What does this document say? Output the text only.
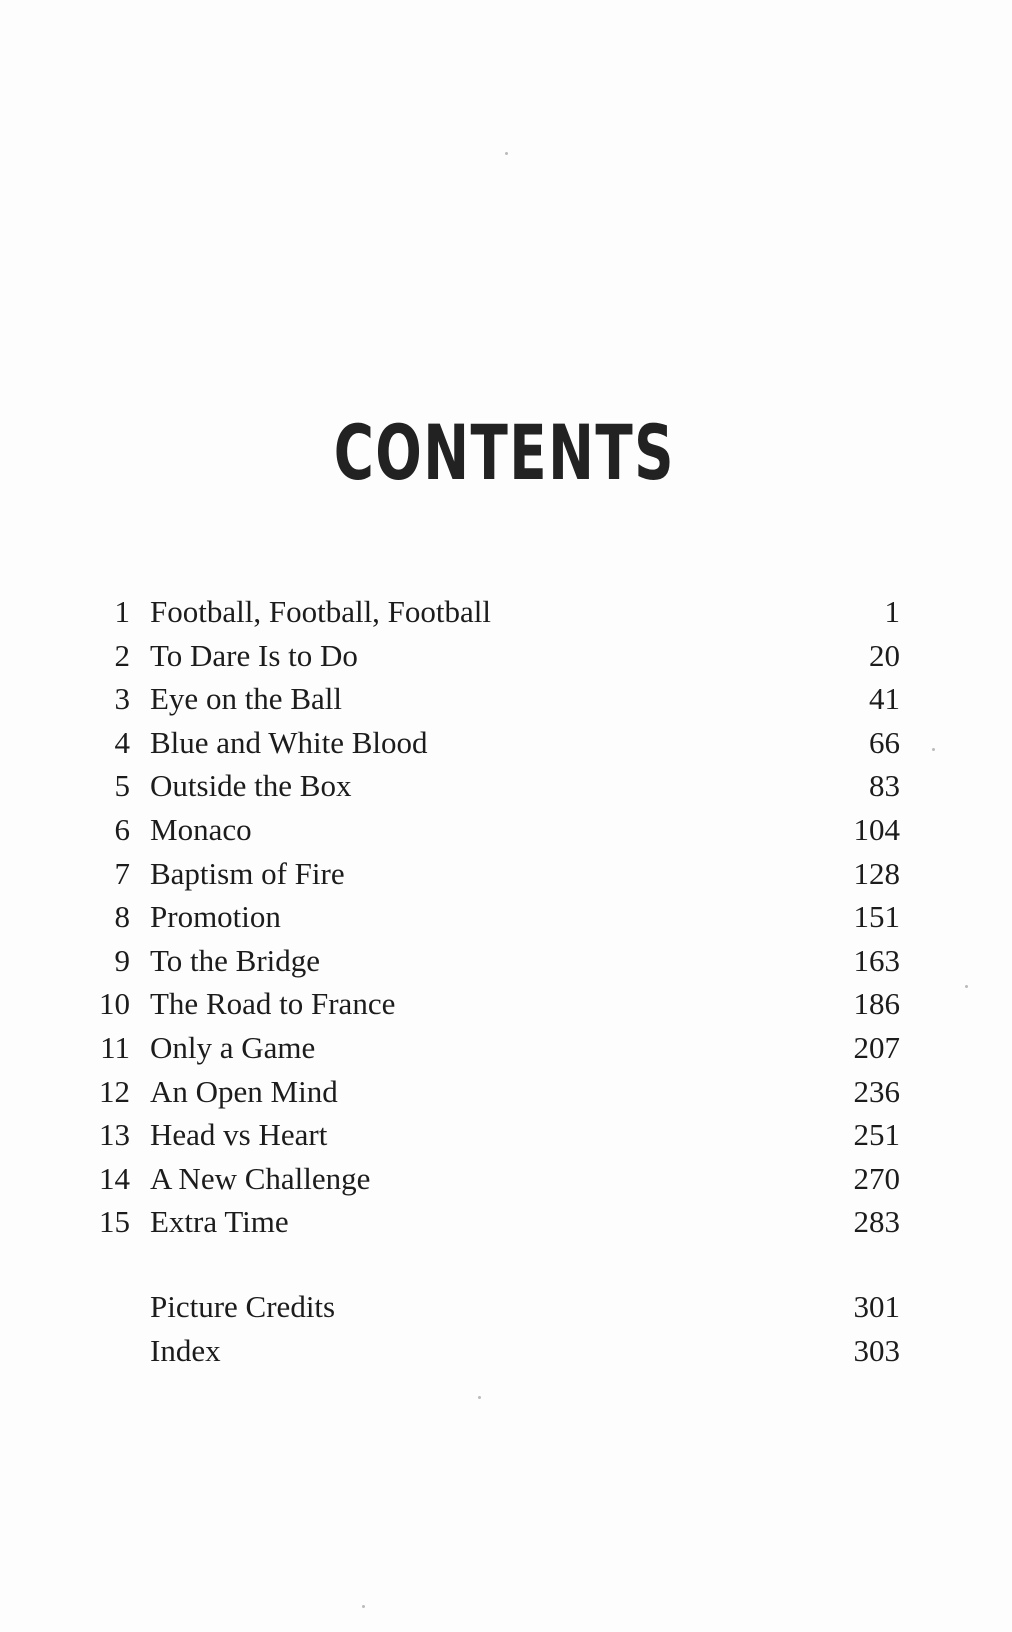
CONTENTS
1 Football, Football, Football	1
2 To Dare Is to Do	20
3 Eye on the Ball	41
4 Blue and White Blood	66
5 Outside the Box	83
6 Monaco	104
7 Baptism of Fire	128
8 Promotion	151
9 To the Bridge	163
10 The Road to France	186
11 Only a Game	207
12 An Open Mind	236
13 Head vs Heart	251
14 A New Challenge	270
15 Extra Time	283
Picture Credits	301
Index	303
